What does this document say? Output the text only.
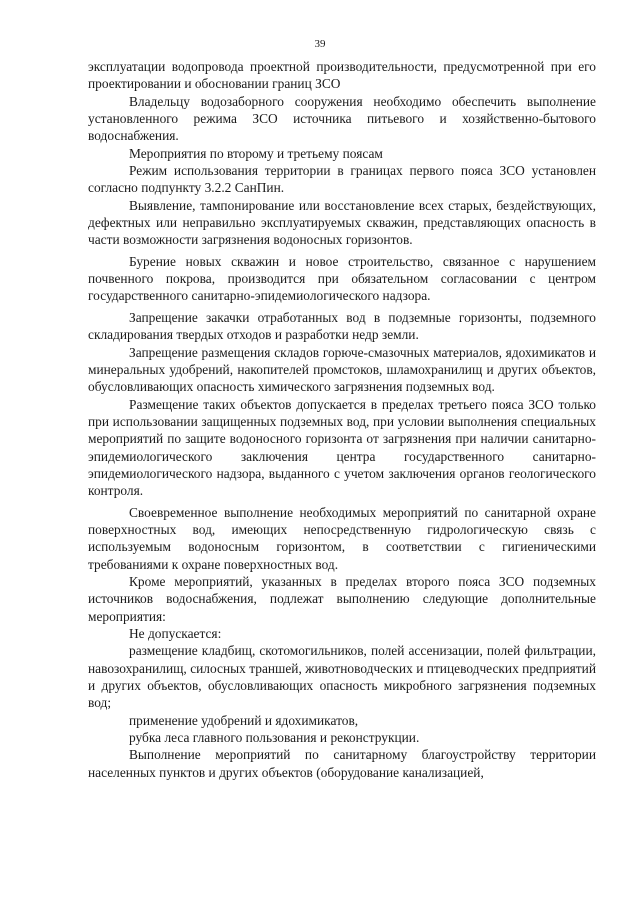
39

эксплуатации водопровода проектной производительности, предусмотренной при его проектировании и обосновании границ ЗСО

Владельцу водозаборного сооружения необходимо обеспечить выполнение установленного режима ЗСО источника питьевого и хозяйственно-бытового водоснабжения.

Мероприятия по второму и третьему поясам

Режим использования территории в границах первого пояса ЗСО установлен согласно подпункту 3.2.2 СанПин.

Выявление, тампонирование или восстановление всех старых, бездействующих, дефектных или неправильно эксплуатируемых скважин, представляющих опасность в части возможности загрязнения водоносных горизонтов.

Бурение новых скважин и новое строительство, связанное с нарушением почвенного покрова, производится при обязательном согласовании с центром государственного санитарно-эпидемиологического надзора.

Запрещение закачки отработанных вод в подземные горизонты, подземного складирования твердых отходов и разработки недр земли.

Запрещение размещения складов горюче-смазочных материалов, ядохимикатов и минеральных удобрений, накопителей промстоков, шламохранилищ и других объектов, обусловливающих опасность химического загрязнения подземных вод.

Размещение таких объектов допускается в пределах третьего пояса ЗСО только при использовании защищенных подземных вод, при условии выполнения специальных мероприятий по защите водоносного горизонта от загрязнения при наличии санитарно-эпидемиологического заключения центра государственного санитарно-эпидемиологического надзора, выданного с учетом заключения органов геологического контроля.

Своевременное выполнение необходимых мероприятий по санитарной охране поверхностных вод, имеющих непосредственную гидрологическую связь с используемым водоносным горизонтом, в соответствии с гигиеническими требованиями к охране поверхностных вод.

Кроме мероприятий, указанных в пределах второго пояса ЗСО подземных источников водоснабжения, подлежат выполнению следующие дополнительные мероприятия:

Не допускается:

размещение кладбищ, скотомогильников, полей ассенизации, полей фильтрации, навозохранилищ, силосных траншей, животноводческих и птицеводческих предприятий и других объектов, обусловливающих опасность микробного загрязнения подземных вод;

применение удобрений и ядохимикатов,

рубка леса главного пользования и реконструкции.

Выполнение мероприятий по санитарному благоустройству территории населенных пунктов и других объектов (оборудование канализацией,
